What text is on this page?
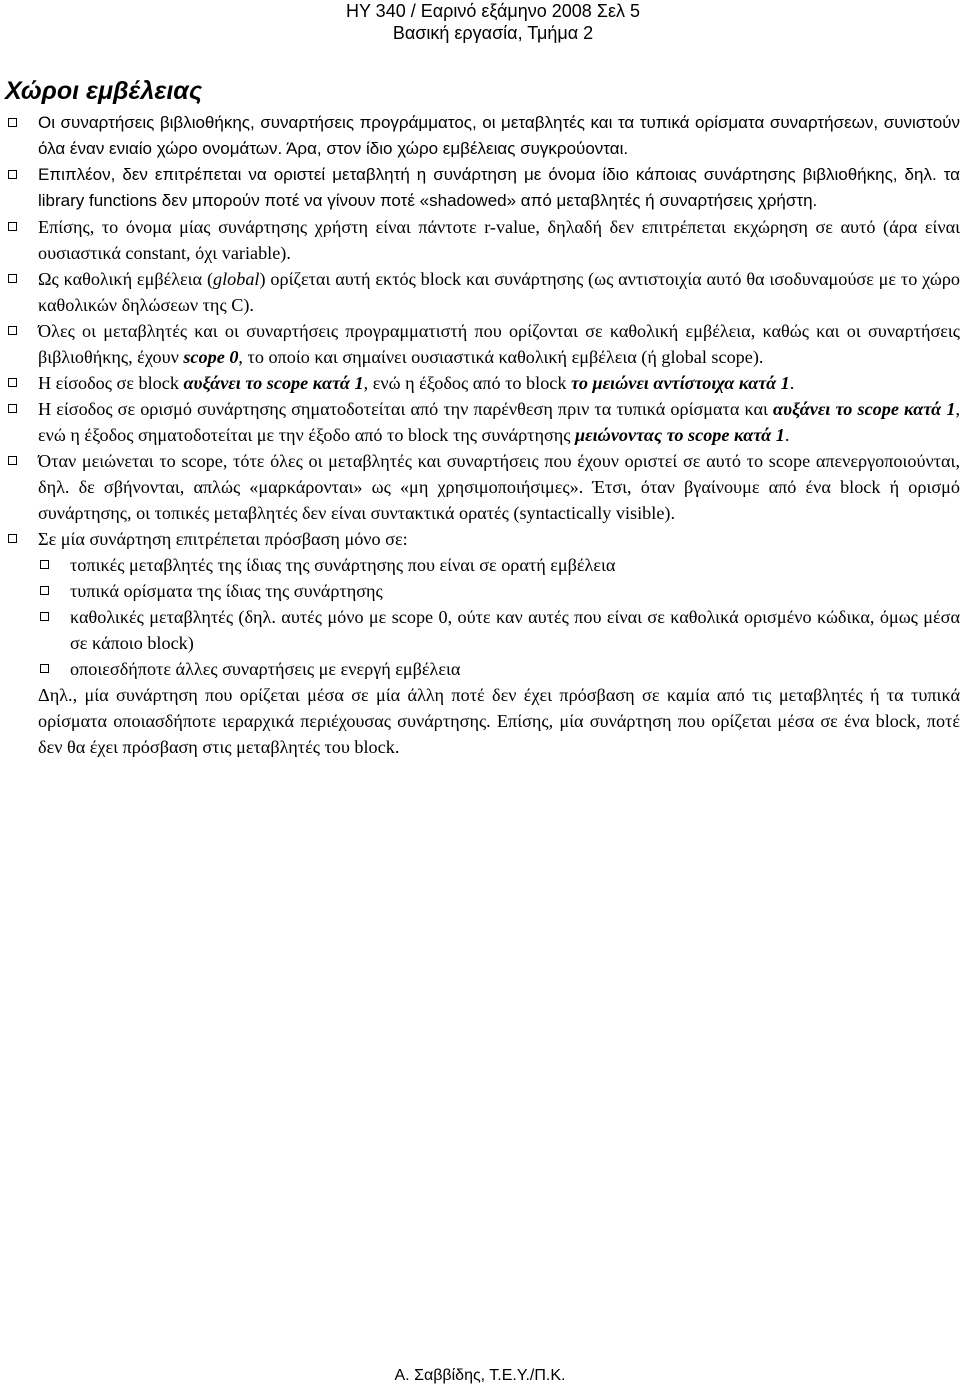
ΗΥ 340 / Εαρινό εξάμηνο 2008 Σελ 5
Βασική εργασία, Τμήμα 2
Χώροι εμβέλειας
Οι συναρτήσεις βιβλιοθήκης, συναρτήσεις προγράμματος, οι μεταβλητές και τα τυπικά ορίσματα συναρτήσεων, συνιστούν όλα έναν ενιαίο χώρο ονομάτων. Άρα, στον ίδιο χώρο εμβέλειας συγκρούονται.
Επιπλέον, δεν επιτρέπεται να οριστεί μεταβλητή η συνάρτηση με όνομα ίδιο κάποιας συνάρτησης βιβλιοθήκης, δηλ. τα library functions δεν μπορούν ποτέ να γίνουν ποτέ «shadowed» από μεταβλητές ή συναρτήσεις χρήστη.
Επίσης, το όνομα μίας συνάρτησης χρήστη είναι πάντοτε r-value, δηλαδή δεν επιτρέπεται εκχώρηση σε αυτό (άρα είναι ουσιαστικά constant, όχι variable).
Ως καθολική εμβέλεια (global) ορίζεται αυτή εκτός block και συνάρτησης (ως αντιστοιχία αυτό θα ισοδυναμούσε με το χώρο καθολικών δηλώσεων της C).
Όλες οι μεταβλητές και οι συναρτήσεις προγραμματιστή που ορίζονται σε καθολική εμβέλεια, καθώς και οι συναρτήσεις βιβλιοθήκης, έχουν scope 0, το οποίο και σημαίνει ουσιαστικά καθολική εμβέλεια (ή global scope).
Η είσοδος σε block αυξάνει το scope κατά 1, ενώ η έξοδος από το block το μειώνει αντίστοιχα κατά 1.
Η είσοδος σε ορισμό συνάρτησης σηματοδοτείται από την παρένθεση πριν τα τυπικά ορίσματα και αυξάνει το scope κατά 1, ενώ η έξοδος σηματοδοτείται με την έξοδο από το block της συνάρτησης μειώνοντας το scope κατά 1.
Όταν μειώνεται το scope, τότε όλες οι μεταβλητές και συναρτήσεις που έχουν οριστεί σε αυτό το scope απενεργοποιούνται, δηλ. δε σβήνονται, απλώς «μαρκάρονται» ως «μη χρησιμοποιήσιμες». Έτσι, όταν βγαίνουμε από ένα block ή ορισμό συνάρτησης, οι τοπικές μεταβλητές δεν είναι συντακτικά ορατές (syntactically visible).
Σε μία συνάρτηση επιτρέπεται πρόσβαση μόνο σε:
τοπικές μεταβλητές της ίδιας της συνάρτησης που είναι σε ορατή εμβέλεια
τυπικά ορίσματα της ίδιας της συνάρτησης
καθολικές μεταβλητές (δηλ. αυτές μόνο με scope 0, ούτε καν αυτές που είναι σε καθολικά ορισμένο κώδικα, όμως μέσα σε κάποιο block)
οποιεσδήποτε άλλες συναρτήσεις με ενεργή εμβέλεια
Δηλ., μία συνάρτηση που ορίζεται μέσα σε μία άλλη ποτέ δεν έχει πρόσβαση σε καμία από τις μεταβλητές ή τα τυπικά ορίσματα οποιασδήποτε ιεραρχικά περιέχουσας συνάρτησης. Επίσης, μία συνάρτηση που ορίζεται μέσα σε ένα block, ποτέ δεν θα έχει πρόσβαση στις μεταβλητές του block.
Α. Σαββίδης, Τ.Ε.Υ./Π.Κ.
